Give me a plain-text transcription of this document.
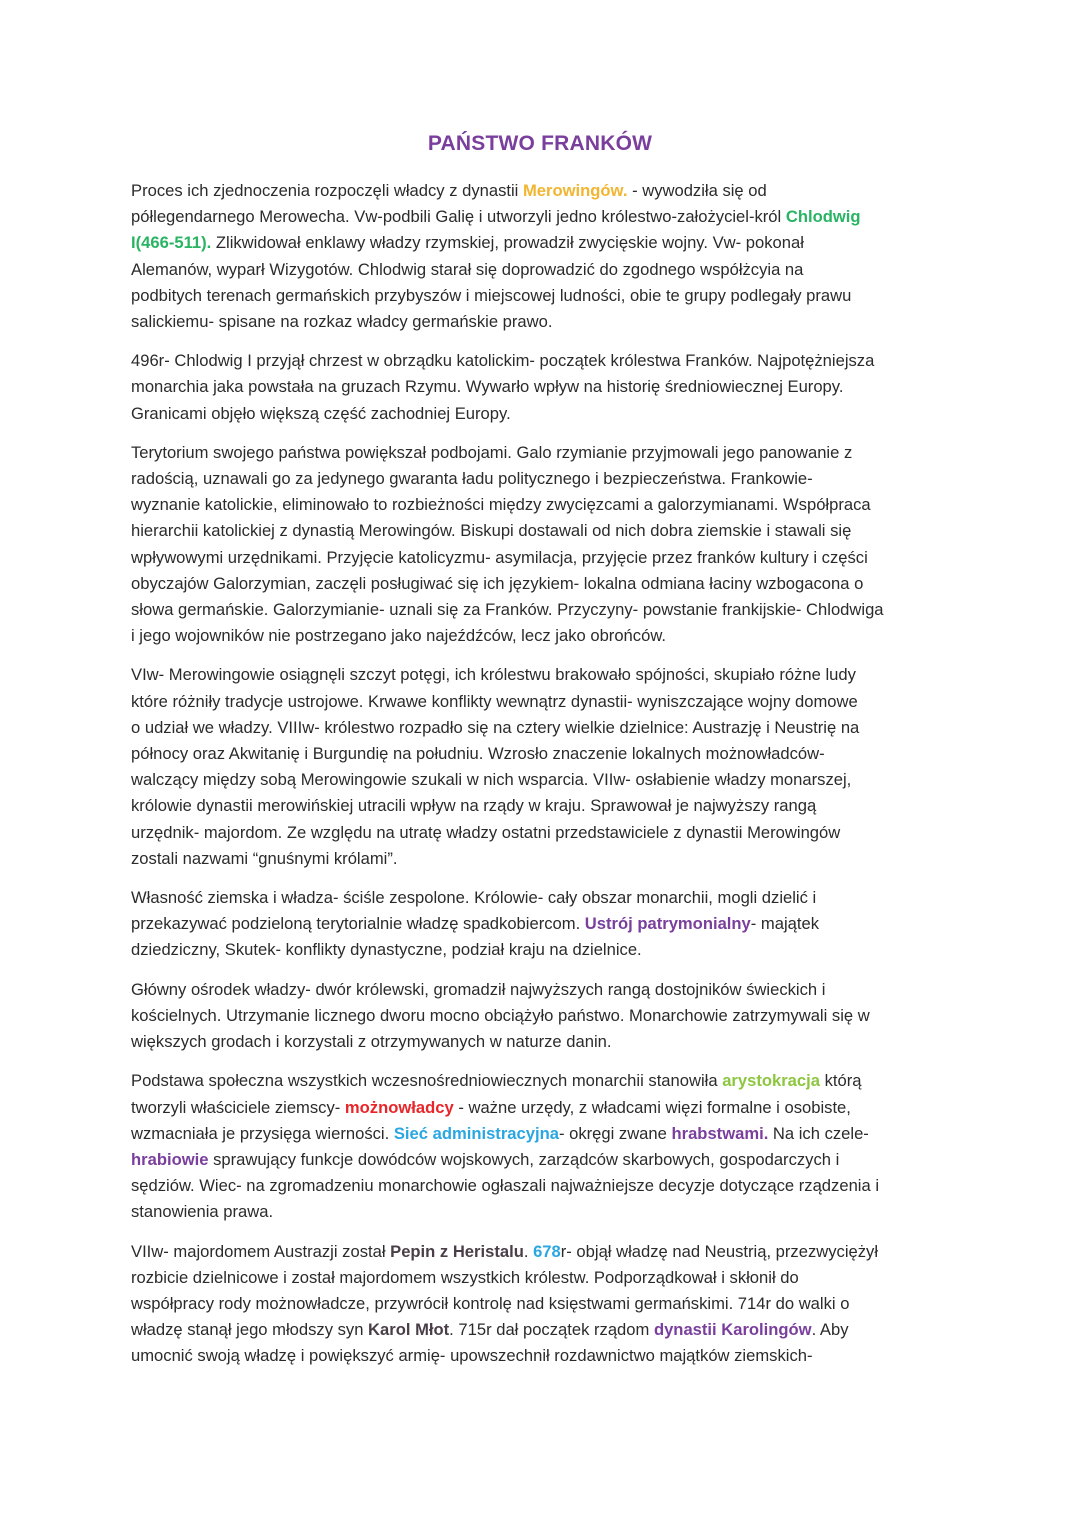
PAŃSTWO FRANKÓW

Proces ich zjednoczenia rozpoczęli władcy z dynastii Merowingów. - wywodziła się od
półlegendarnego Merowecha. Vw-podbili Galię i utworzyli jedno królestwo-założyciel-król Chlodwig
I(466-511). Zlikwidował enklawy władzy rzymskiej, prowadził zwycięskie wojny. Vw- pokonał
Alemanów, wyparł Wizygotów. Chlodwig starał się doprowadzić do zgodnego współżcyia na
podbitych terenach germańskich przybyszów i miejscowej ludności, obie te grupy podlegały prawu
salickiemu- spisane na rozkaz władcy germańskie prawo.

496r- Chlodwig I przyjął chrzest w obrządku katolickim- początek królestwa Franków. Najpotężniejsza
monarchia jaka powstała na gruzach Rzymu. Wywarło wpływ na historię średniowiecznej Europy.
Granicami objęło większą część zachodniej Europy.

Terytorium swojego państwa powiększał podbojami. Galo rzymianie przyjmowali jego panowanie z
radością, uznawali go za jedynego gwaranta ładu politycznego i bezpieczeństwa. Frankowie-
wyznanie katolickie, eliminowało to rozbieżności między zwycięzcami a galorzymianami. Współpraca
hierarchii katolickiej z dynastią Merowingów. Biskupi dostawali od nich dobra ziemskie i stawali się
wpływowymi urzędnikami. Przyjęcie katolicyzmu- asymilacja, przyjęcie przez franków kultury i części
obyczajów Galorzymian, zaczęli posługiwać się ich językiem- lokalna odmiana łaciny wzbogacona o
słowa germańskie. Galorzymianie- uznali się za Franków. Przyczyny- powstanie frankijskie- Chlodwiga
i jego wojowników nie postrzegano jako najeźdźców, lecz jako obrońców.

VIw- Merowingowie osiągnęli szczyt potęgi, ich królestwu brakowało spójności, skupiało różne ludy
które różniły tradycje ustrojowe. Krwawe konflikty wewnątrz dynastii- wyniszczające wojny domowe
o udział we władzy. VIIIw- królestwo rozpadło się na cztery wielkie dzielnice: Austrazję i Neustrię na
północy oraz Akwitanię i Burgundię na południu. Wzrosło znaczenie lokalnych możnowładców-
walczący między sobą Merowingowie szukali w nich wsparcia. VIIw- osłabienie władzy monarszej,
królowie dynastii merowińskiej utracili wpływ na rządy w kraju. Sprawował je najwyższy rangą
urzędnik- majordom. Ze względu na utratę władzy ostatni przedstawiciele z dynastii Merowingów
zostali nazwami “gnuśnymi królami”.

Własność ziemska i władza- ściśle zespolone. Królowie- cały obszar monarchii, mogli dzielić i
przekazywać podzieloną terytorialnie władzę spadkobiercom. Ustrój patrymonialny- majątek
dziedziczny, Skutek- konflikty dynastyczne, podział kraju na dzielnice.

Główny ośrodek władzy- dwór królewski, gromadził najwyższych rangą dostojników świeckich i
kościelnych. Utrzymanie licznego dworu mocno obciążyło państwo. Monarchowie zatrzymywali się w
większych grodach i korzystali z otrzymywanych w naturze danin.

Podstawa społeczna wszystkich wczesnośredniowiecznych monarchii stanowiła arystokracja którą
tworzyli właściciele ziemscy- możnowładcy - ważne urzędy, z władcami więzi formalne i osobiste,
wzmacniała je przysięga wierności. Sieć administracyjna- okręgi zwane hrabstwami. Na ich czele-
hrabiowie sprawujący funkcje dowódców wojskowych, zarządców skarbowych, gospodarczych i
sędziów. Wiec- na zgromadzeniu monarchowie ogłaszali najważniejsze decyzje dotyczące rządzenia i
stanowienia prawa.

VIIw- majordomem Austrazji został Pepin z Heristalu. 678r- objął władzę nad Neustrią, przezwyciężył
rozbicie dzielnicowe i został majordomem wszystkich królestw. Podporządkował i skłonił do
współpracy rody możnowładcze, przywrócił kontrolę nad księstwami germańskimi. 714r do walki o
władzę stanął jego młodszy syn Karol Młot. 715r dał początek rządom dynastii Karolingów. Aby
umocnić swoją władzę i powiększyć armię- upowszechnił rozdawnictwo majątków ziemskich-
